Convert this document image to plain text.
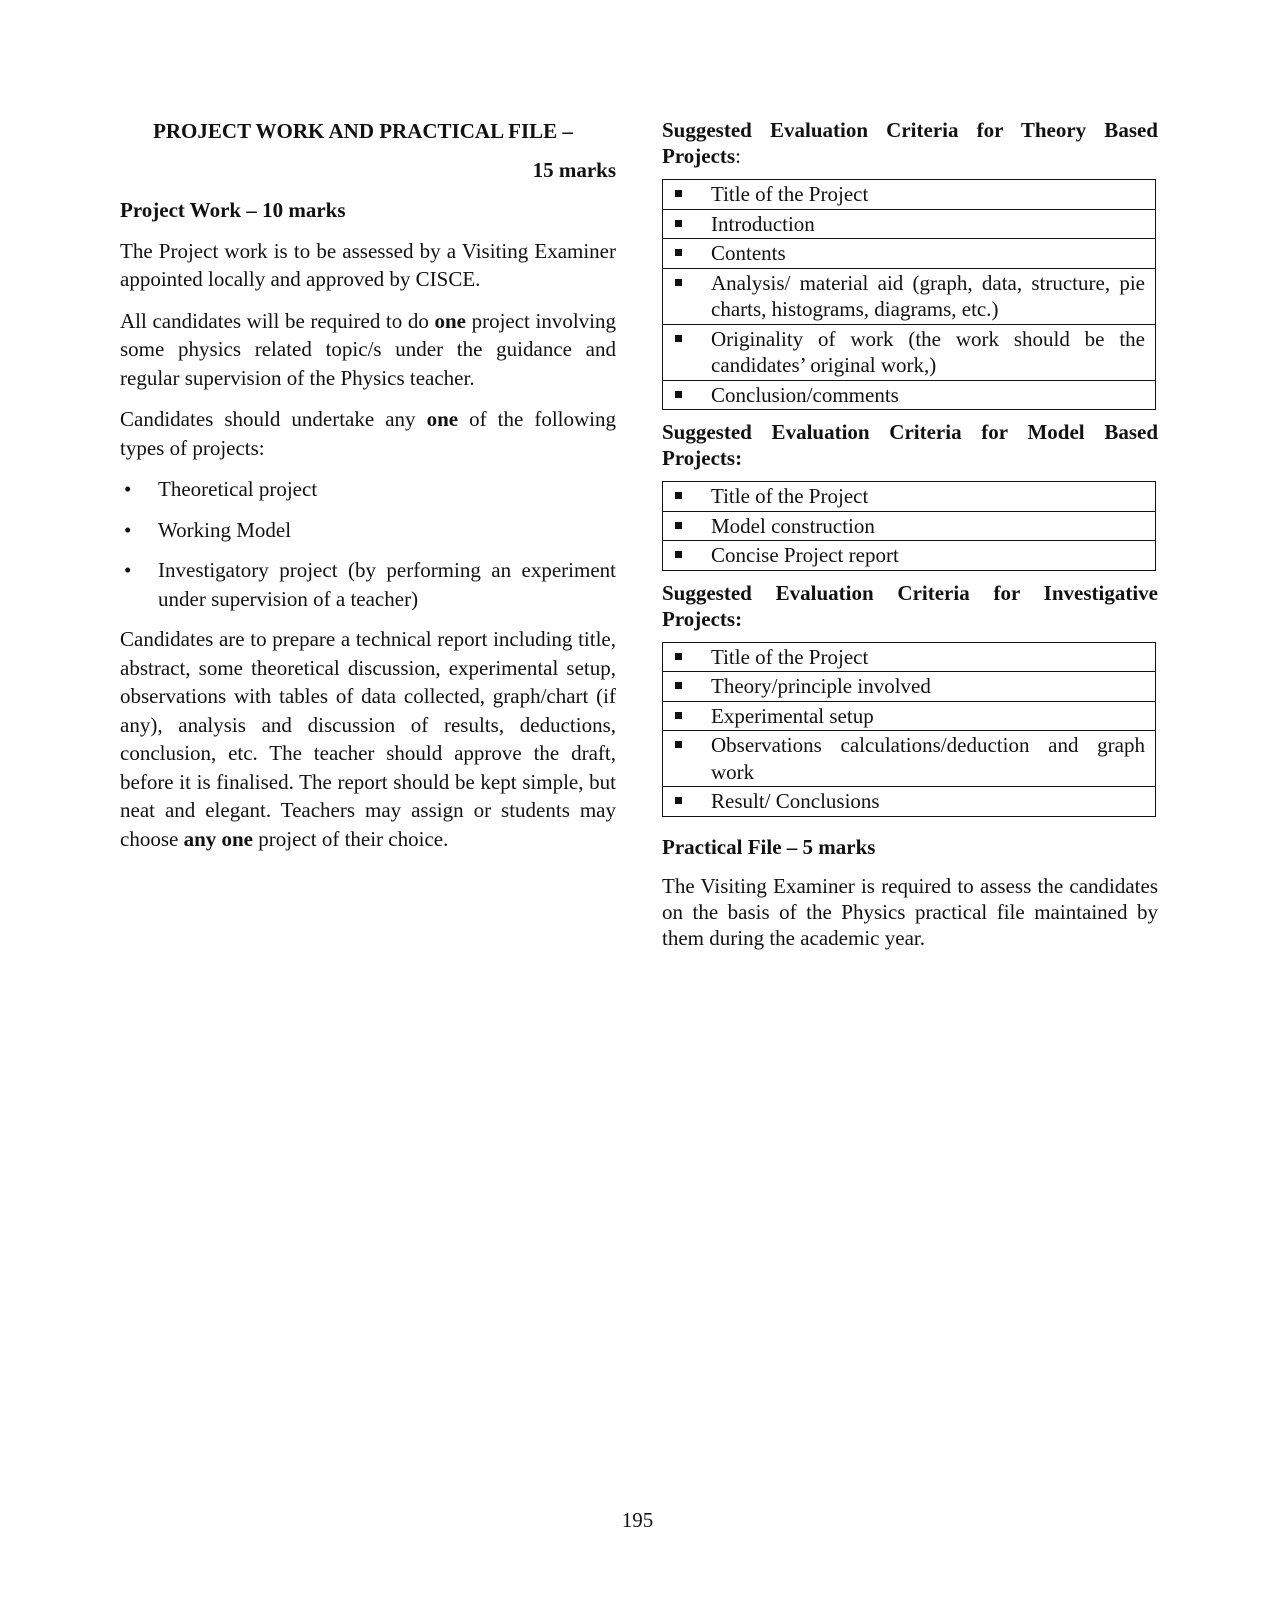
PROJECT WORK AND PRACTICAL FILE –
15 marks
Project Work – 10 marks

The Project work is to be assessed by a Visiting Examiner appointed locally and approved by CISCE.

All candidates will be required to do one project involving some physics related topic/s under the guidance and regular supervision of the Physics teacher.

Candidates should undertake any one of the following types of projects:

• Theoretical project
• Working Model
• Investigatory project (by performing an experiment under supervision of a teacher)

Candidates are to prepare a technical report including title, abstract, some theoretical discussion, experimental setup, observations with tables of data collected, graph/chart (if any), analysis and discussion of results, deductions, conclusion, etc. The teacher should approve the draft, before it is finalised. The report should be kept simple, but neat and elegant. Teachers may assign or students may choose any one project of their choice.

Suggested Evaluation Criteria for Theory Based Projects:
Title of the Project

Introduction

Contents

Analysis/ material aid (graph, data, structure, pie charts, histograms, diagrams, etc.)

Originality of work (the work should be the candidates’ original work,)

Conclusion/comments
Suggested Evaluation Criteria for Model Based Projects:
Title of the Project

Model construction

Concise Project report
Suggested Evaluation Criteria for Investigative Projects:
Title of the Project

Theory/principle involved

Experimental setup

Observations calculations/deduction and graph work

Result/ Conclusions
Practical File – 5 marks
The Visiting Examiner is required to assess the candidates on the basis of the Physics practical file maintained by them during the academic year.
195
